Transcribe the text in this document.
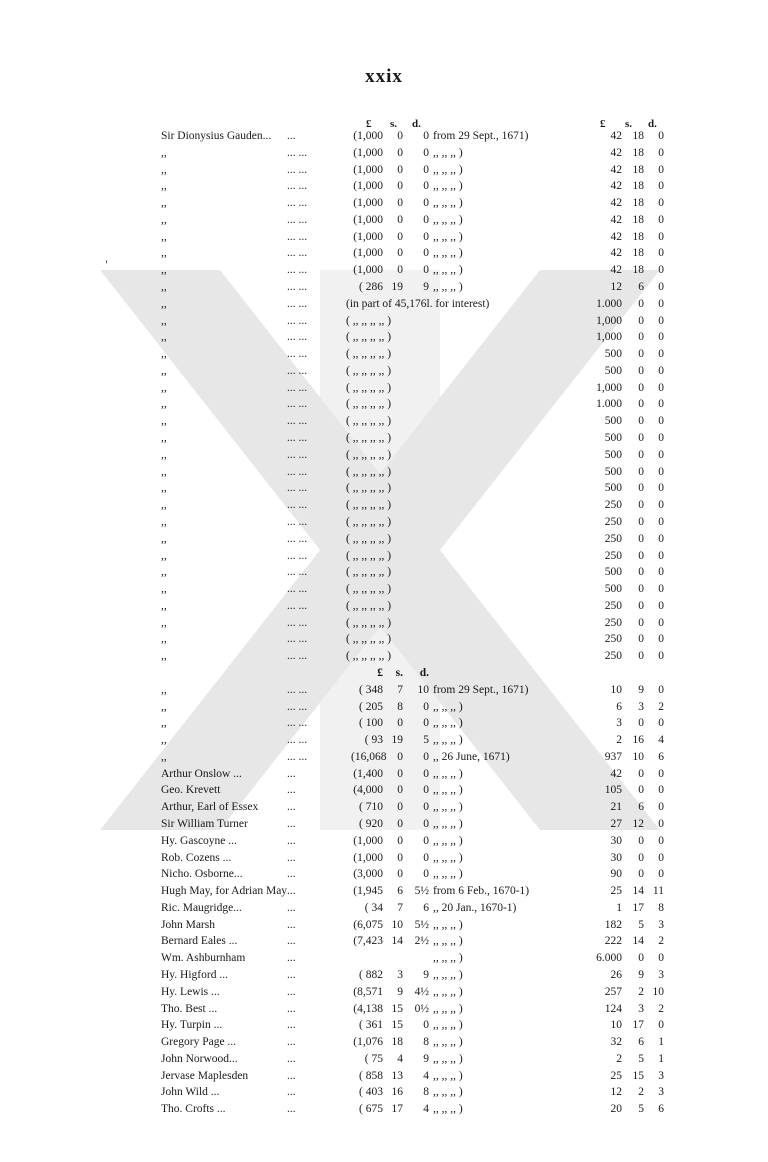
xxix
£ s. d.	£ s. d.
Sir Dionysius Gauden... ...	(1,000	0	0 from 29 Sept., 1671)	42 18	0
,,	... ...	(1,000	0	0 ,, ,, ,, )	42 18	0
,,	... ...	(1,000	0	0 ,, ,, ,, )	42 18	0
,,	... ...	(1,000	0	0 ,, ,, ,, )	42 18	0
,,	... ...	(1,000	0	0 ,, ,, ,, )	42 18	0
,,	... ...	(1,000	0	0 ,, ,, ,, )	42 18	0
,,	... ...	(1,000	0	0 ,, ,, ,, )	42 18	0
,,	... ...	(1,000	0	0 ,, ,, ,, )	42 18	0
,,	... ...	(1,000	0	0 ,, ,, ,, )	42 18	0
,,	... ...	( 286 19	9 ,, ,, ,, )	12	6	0
,,	... ...	(in part of 45,176l. for interest)	1.000	0	0
,,	... ...	( ,, ,, ,, ,, )	1,000	0	0
,,	... ...	( ,, ,, ,, ,, )	1,000	0	0
,,	... ...	( ,, ,, ,, ,, )	500	0	0
,,	... ...	( ,, ,, ,, ,, )	500	0	0
,,	... ...	( ,, ,, ,, ,, )	1,000	0	0
,,	... ...	( ,, ,, ,, ,, )	1.000	0	0
,,	... ...	( ,, ,, ,, ,, )	500	0	0
,,	... ...	( ,, ,, ,, ,, )	500	0	0
,,	... ...	( ,, ,, ,, ,, )	500	0	0
,,	... ...	( ,, ,, ,, ,, )	500	0	0
,,	... ...	( ,, ,, ,, ,, )	500	0	0
,,	... ...	( ,, ,, ,, ,, )	250	0	0
,,	... ...	( ,, ,, ,, ,, )	250	0	0
,,	... ...	( ,, ,, ,, ,, )	250	0	0
,,	... ...	( ,, ,, ,, ,, )	250	0	0
,,	... ...	( ,, ,, ,, ,, )	500	0	0
,,	... ...	( ,, ,, ,, ,, )	500	0	0
,,	... ...	( ,, ,, ,, ,, )	250	0	0
,,	... ...	( ,, ,, ,, ,, )	250	0	0
,,	... ...	( ,, ,, ,, ,, )	250	0	0
,,	... ...	( ,, ,, ,, ,, )	250	0	0
£	s.	d.
,,	... ...	( 348	7	10 from 29 Sept., 1671)	10	9	0
,,	... ...	( 205	8	0 ,, ,, ,, )	6	3	2
,,	... ...	( 100	0	0 ,, ,, ,, )	3	0	0
,,	... ...	( 93 19	5 ,, ,, ,, )	2 16	4
,,	... ...	(16,068 0	0 ,, 26 June, 1671)	937 10	6
Arthur Onslow ...	...	(1,400	0	0 ,, ,, ,, )	42	0	0
Geo. Krevett	...	(4,000	0	0 ,, ,, ,, )	105	0	0
Arthur, Earl of Essex ...	( 710	0	0 ,, ,, ,, )	21	6	0
Sir William Turner	...	( 920	0	0 ,, ,, ,, )	27 12	0
Hy. Gascoyne ...	...	(1,000	0	0 ,, ,, ,, )	30	0	0
Rob. Cozens ...	...	(1,000	0	0 ,, ,, ,, )	30	0	0
Nicho. Osborne...	...	(3,000	0	0 ,, ,, ,, )	90	0	0
Hugh May, for Adrian May ...	(1,945	6	5½ from 6 Feb., 1670-1)	25 14 11
Ric. Maugridge...	...	( 34	7	6 ,, 20 Jan., 1670-1)	1 17	8
John Marsh	...	(6,075 10	5½ ,, ,, ,, )	182	5	3
Bernard Eales ...	...	(7,423 14	2½ ,, ,, ,, )	222 14	2
Wm. Ashburnham	...	,, ,, ,, )	6.000	0	0
Hy. Higford ...	...	( 882	3	9 ,, ,, ,, )	26	9	3
Hy. Lewis ...	...	(8,571	9	4½ ,, ,, ,, )	257	2 10
Tho. Best ...	...	(4,138 15	0½ ,, ,, ,, )	124	3	2
Hy. Turpin ...	...	( 361 15	0 ,, ,, ,, )	10 17	0
Gregory Page ...	...	(1,076 18	8 ,, ,, ,, )	32	6	1
John Norwood...	...	( 75	4	9 ,, ,, ,, )	2	5	1
Jervase Maplesden	...	( 858 13	4 ,, ,, ,, )	25 15	3
John Wild ...	...	( 403 16	8 ,, ,, ,, )	12	2	3
Tho. Crofts ...	...	( 675 17	4 ,, ,, ,, )	20	5	6
'
